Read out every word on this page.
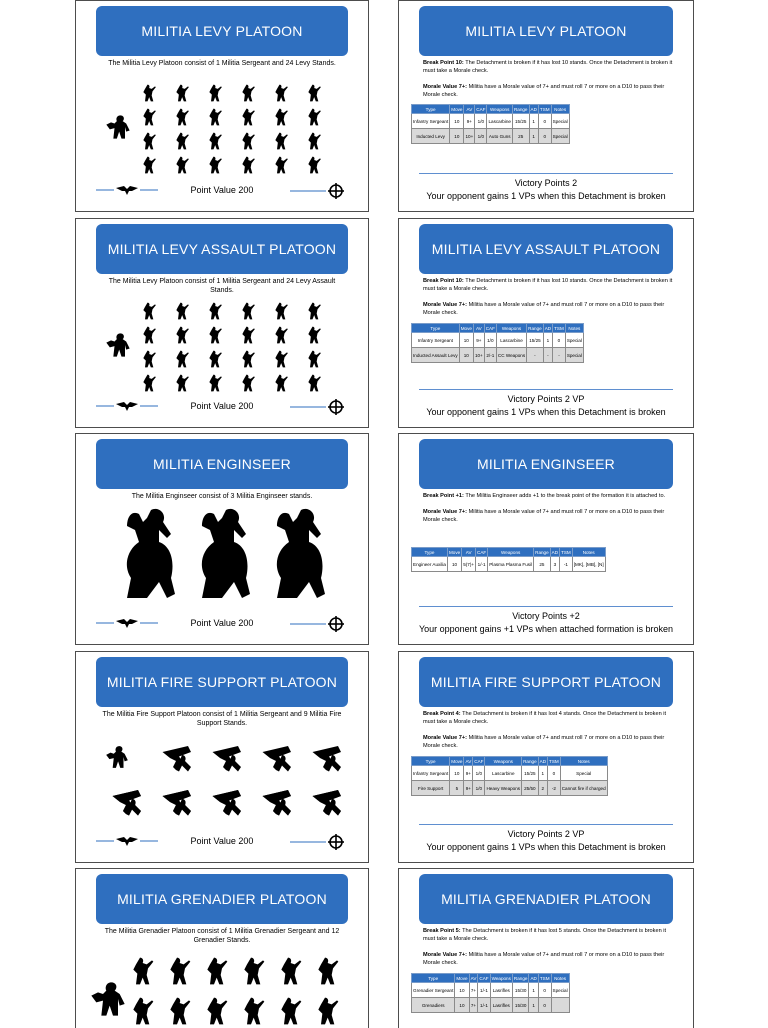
MILITIA LEVY PLATOON
The Militia Levy Platoon consist of 1 Militia Sergeant and 24 Levy Stands.
Point Value 200
MILITIA LEVY ASSAULT PLATOON
The Militia Levy Platoon consist of 1 Militia Sergeant and 24 Levy Assault Stands.
Point Value 200
MILITIA ENGINSEER
The Militia Enginseer consist of 3 Militia Enginseer stands.
Point Value 200
MILITIA FIRE SUPPORT PLATOON
The Militia Fire Support Platoon consist of 1 Militia Sergeant and 9 Militia Fire Support Stands.
Point Value 200
MILITIA GRENADIER PLATOON
The Militia Grenadier Platoon consist of 1 Militia Grenadier Sergeant and 12 Grenadier Stands.
MILITIA LEVY PLATOON

Break Point 10: The Detachment is broken if it has lost 10 stands. Once the Detachment is broken it must take a Morale check.

Morale Value 7+: Militia have a Morale value of 7+ and must roll 7 or more on a D10 to pass their Morale check.

Type	Move	AV	CAF	Weapons	Range	AD	TSM	Notes
Infantry Sergeant	10	9+	1/0	Lascarbine	15/25	1	0	Special
Inducted Levy	10	10+	1/0	Auto Guns	25	1	0	Special
Victory Points 2
Your opponent gains 1 VPs when this Detachment is broken
MILITIA LEVY ASSAULT PLATOON

Break Point 10: The Detachment is broken if it has lost 10 stands. Once the Detachment is broken it must take a Morale check.

Morale Value 7+: Militia have a Morale value of 7+ and must roll 7 or more on a D10 to pass their Morale check.

Type	Move	AV	CAF	Weapons	Range	AD	TSM	Notes
Infantry Sergeant	10	9+	1/0	Lascarbine	15/25	1	0	Special
Inducted Assault Levy	10	10+	2/-1	CC Weapons	-	-	-	Special
Victory Points 2 VP
Your opponent gains 1 VPs when this Detachment is broken
MILITIA ENGINSEER

Break Point +1: The Militia Enginseer adds +1 to the break point of the formation it is attached to.

Morale Value 7+: Militia have a Morale value of 7+ and must roll 7 or more on a D10 to pass their Morale check.

Type	Move	AV	CAF	Weapons	Range	AD	TSM	Notes
Engineer Auxilia	10	5(7)+	1/-1	Plasma Plasma Fusil	25	3	-1	[MK], [MB], [N]
Victory Points +2
Your opponent gains +1 VPs when attached formation is broken
MILITIA FIRE SUPPORT PLATOON

Break Point 4: The Detachment is broken if it has lost 4 stands. Once the Detachment is broken it must take a Morale check.

Morale Value 7+: Militia have a Morale value of 7+ and must roll 7 or more on a D10 to pass their Morale check.

Type	Move	AV	CAF	Weapons	Range	AD	TSM	Notes
Infantry Sergeant	10	9+	1/0	Lascarbine	15/25	1	0	Special
Fire Support	5	9+	1/0	Heavy Weapons	25/50	2	-2	Cannot fire if charged
Victory Points 2 VP
Your opponent gains 1 VPs when this Detachment is broken
MILITIA GRENADIER PLATOON

Break Point 5: The Detachment is broken if it has lost 5 stands. Once the Detachment is broken it must take a Morale check.

Morale Value 7+: Militia have a Morale value of 7+ and must roll 7 or more on a D10 to pass their Morale check.

Type	Move	AV	CAF	Weapons	Range	AD	TSM	Notes
Grenadier Sergeant	10	7+	1/-1	Lasrifles	15/30	1	0	Special
Grenadiers	10	7+	1/-1	Lasrifles	15/30	1	0	
